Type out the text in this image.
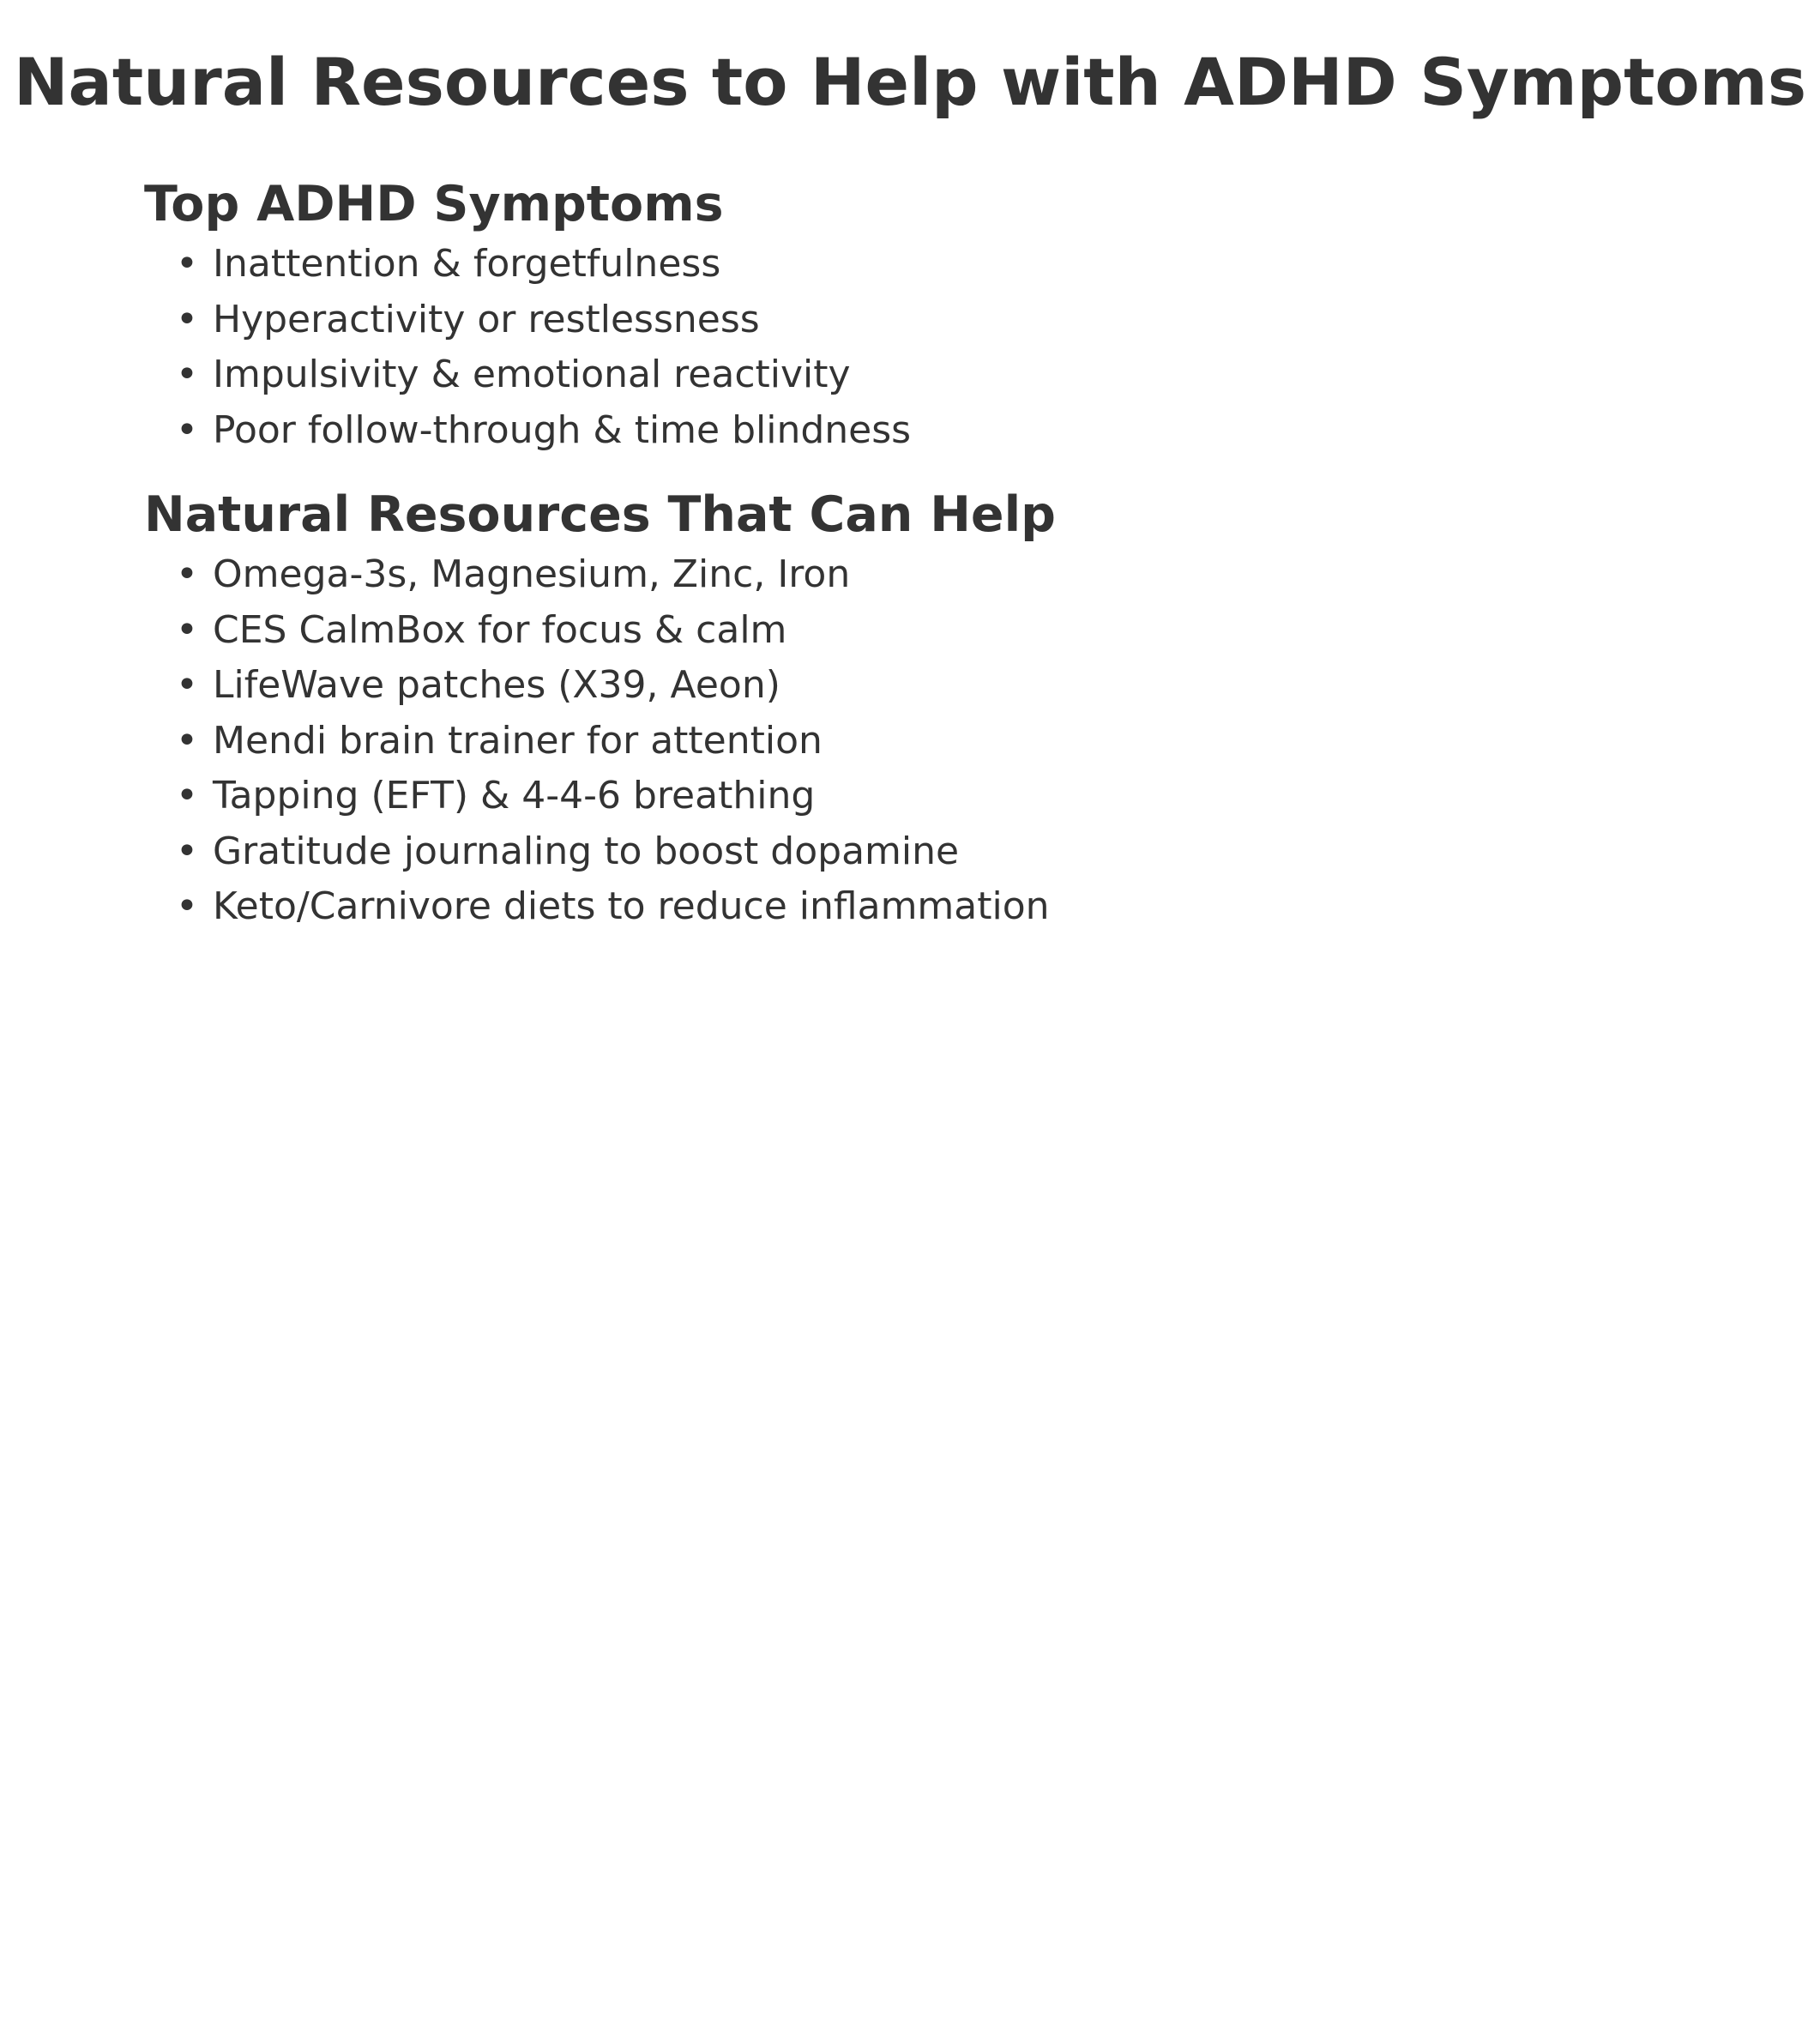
Natural Resources to Help with ADHD Symptoms
Top ADHD Symptoms
• Inattention & forgetfulness
• Hyperactivity or restlessness
• Impulsivity & emotional reactivity
• Poor follow-through & time blindness
Natural Resources That Can Help
• Omega-3s, Magnesium, Zinc, Iron
• CES CalmBox for focus & calm
• LifeWave patches (X39, Aeon)
• Mendi brain trainer for attention
• Tapping (EFT) & 4-4-6 breathing
• Gratitude journaling to boost dopamine
• Keto/Carnivore diets to reduce inflammation
